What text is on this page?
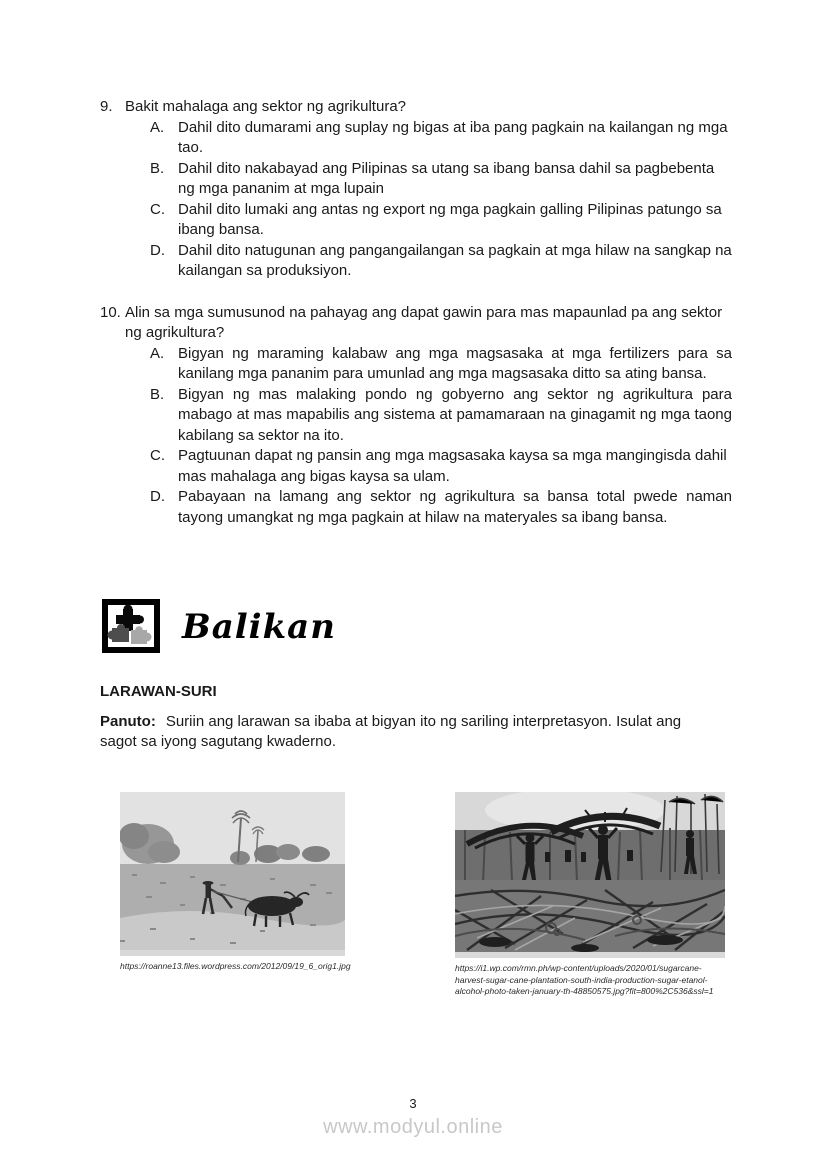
9. Bakit mahalaga ang sektor ng agrikultura?
A. Dahil dito dumarami ang suplay ng bigas at iba pang pagkain na kailangan ng mga tao.
B. Dahil dito nakabayad ang Pilipinas sa utang sa ibang bansa dahil sa pagbebenta ng mga pananim at mga lupain
C. Dahil dito lumaki ang antas ng export ng mga pagkain galling Pilipinas patungo sa ibang bansa.
D. Dahil dito natugunan ang pangangailangan sa pagkain at mga hilaw na sangkap na kailangan sa produksiyon.
10. Alin sa mga sumusunod na pahayag ang dapat gawin para mas mapaunlad pa ang sektor ng agrikultura?
A. Bigyan ng maraming kalabaw ang mga magsasaka at mga fertilizers para sa kanilang mga pananim para umunlad ang mga magsasaka ditto sa ating bansa.
B. Bigyan ng mas malaking pondo ng gobyerno ang sektor ng agrikultura para mabago at mas mapabilis ang sistema at pamamaraan na ginagamit ng mga taong kabilang sa sektor na ito.
C. Pagtuunan dapat ng pansin ang mga magsasaka kaysa sa mga mangingisda dahil mas mahalaga ang bigas kaysa sa ulam.
D. Pabayaan na lamang ang sektor ng agrikultura sa bansa total pwede naman tayong umangkat ng mga pagkain at hilaw na materyales sa ibang bansa.
Balikan
LARAWAN-SURI
Panuto: Suriin ang larawan sa ibaba at bigyan ito ng sariling interpretasyon. Isulat ang sagot sa iyong sagutang kwaderno.
https://roanne13.files.wordpress.com/2012/09/19_6_orig1.jpg	https://i1.wp.com/rmn.ph/wp-content/uploads/2020/01/sugarcane-
harvest-sugar-cane-plantation-south-india-production-sugar-etanol-
alcohol-photo-taken-january-th-48850575.jpg?fit=800%2C536&ssl=1
3
www.modyul.online
